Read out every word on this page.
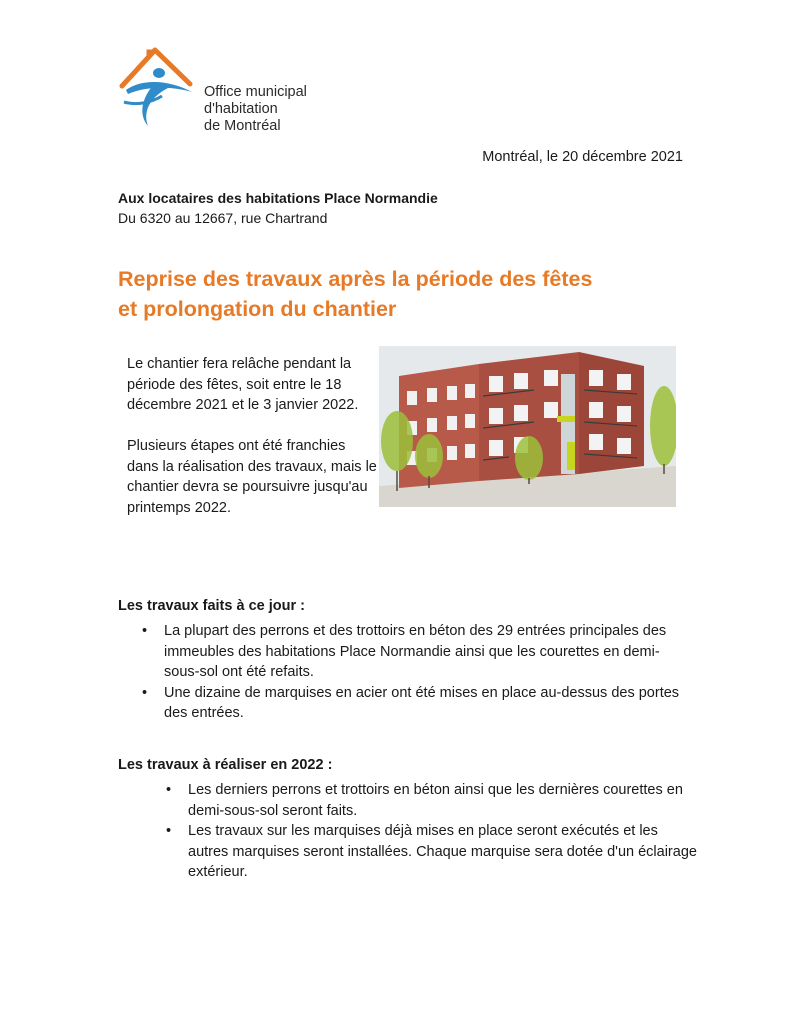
Office municipal
d'habitation
de Montréal
Montréal, le 20 décembre 2021
Aux locataires des habitations Place Normandie
Du 6320 au 12667, rue Chartrand
Reprise des travaux après la période des fêtes
et prolongation du chantier

Le chantier fera relâche pendant la période des fêtes, soit entre le 18 décembre 2021 et le 3 janvier 2022.

Plusieurs étapes ont été franchies dans la réalisation des travaux, mais le chantier devra se poursuivre jusqu'au printemps 2022.

Les travaux faits à ce jour :
• La plupart des perrons et des trottoirs en béton des 29 entrées principales des immeubles des habitations Place Normandie ainsi que les courettes en demi-sous-sol ont été refaits.
• Une dizaine de marquises en acier ont été mises en place au-dessus des portes des entrées.
Les travaux à réaliser en 2022 :
• Les derniers perrons et trottoirs en béton ainsi que les dernières courettes en demi-sous-sol seront faits.
• Les travaux sur les marquises déjà mises en place seront exécutés et les autres marquises seront installées. Chaque marquise sera dotée d'un éclairage extérieur.
